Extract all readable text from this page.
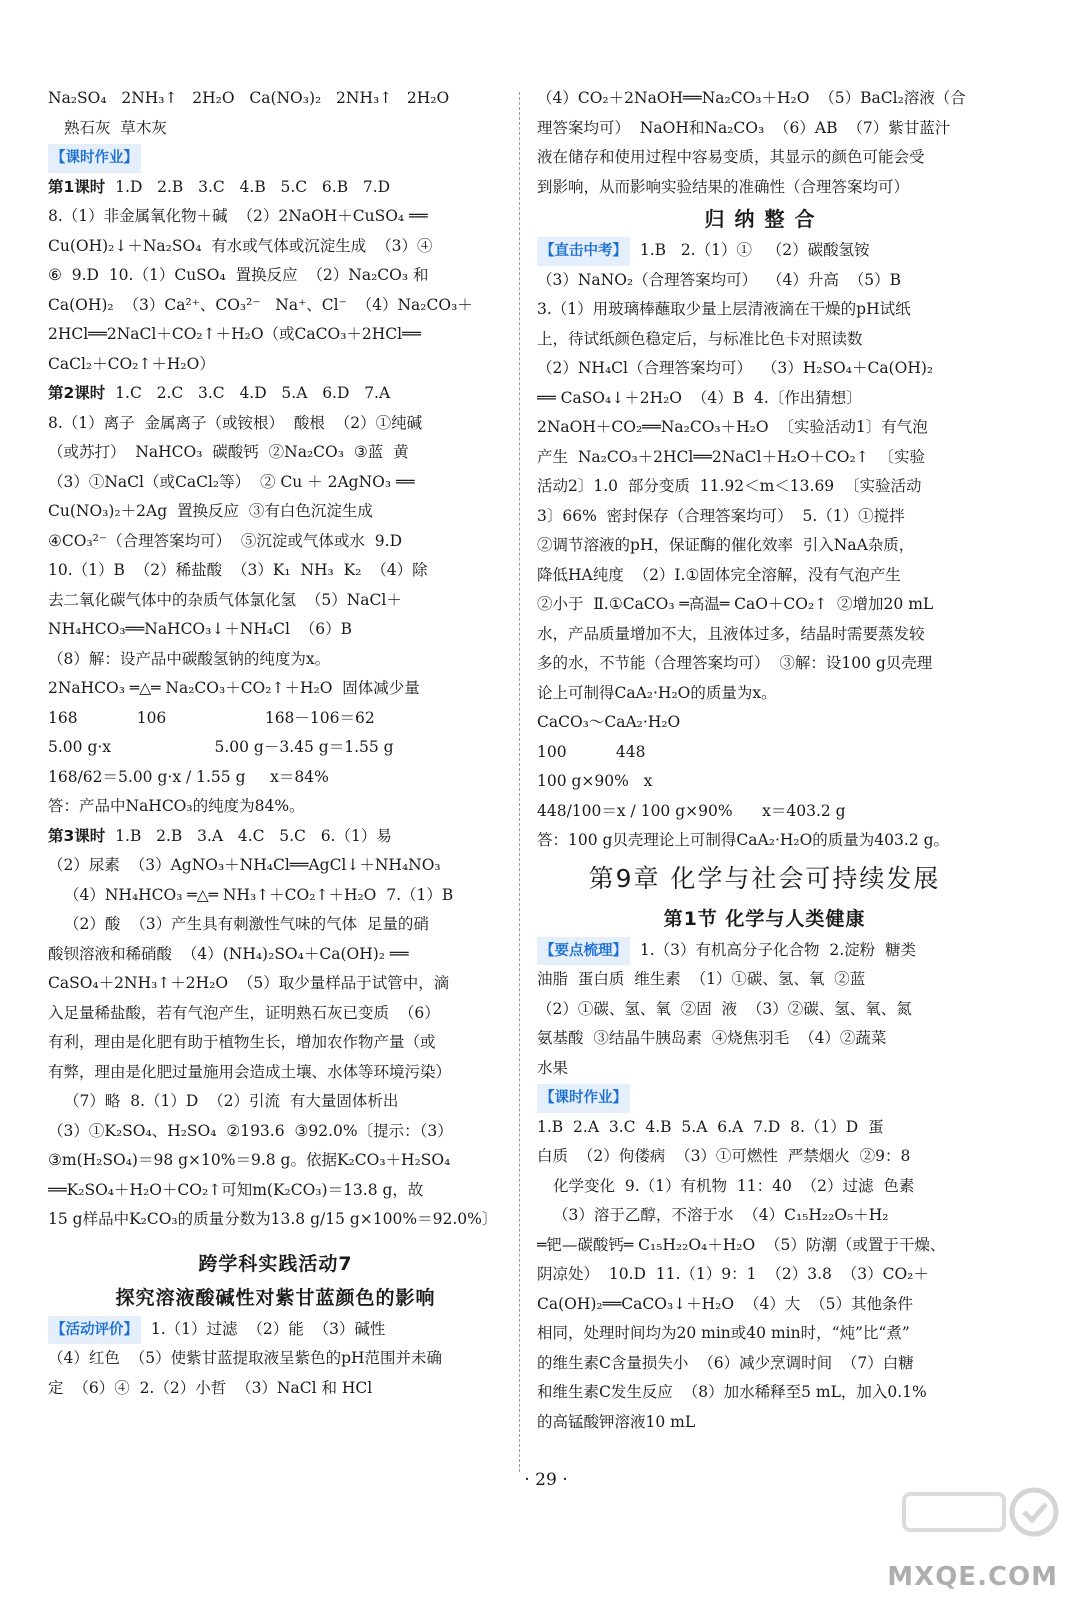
Na₂SO₄   2NH₃↑   2H₂O   Ca(NO₃)₂   2NH₃↑   2H₂O
熟石灰  草木灰
【课时作业】
第1课时  1.D   2.B   3.C   4.B   5.C   6.B   7.D
8.（1）非金属氧化物＋碱  （2）2NaOH＋CuSO₄ ══
Cu(OH)₂↓＋Na₂SO₄  有水或气体或沉淀生成  （3）④
⑥  9.D  10.（1）CuSO₄  置换反应  （2）Na₂CO₃ 和
Ca(OH)₂  （3）Ca²⁺、CO₃²⁻   Na⁺、Cl⁻  （4）Na₂CO₃＋
2HCl══2NaCl＋CO₂↑＋H₂O（或CaCO₃＋2HCl══
CaCl₂＋CO₂↑＋H₂O）
第2课时  1.C   2.C   3.C   4.D   5.A   6.D   7.A
8.（1）离子  金属离子（或铵根）  酸根  （2）①纯碱
（或苏打）  NaHCO₃  碳酸钙  ②Na₂CO₃  ③蓝  黄
（3）①NaCl（或CaCl₂等）  ② Cu ＋ 2AgNO₃ ══
Cu(NO₃)₂＋2Ag  置换反应  ③有白色沉淀生成
④CO₃²⁻（合理答案均可）  ⑤沉淀或气体或水  9.D
10.（1）B  （2）稀盐酸  （3）K₁  NH₃  K₂  （4）除
去二氧化碳气体中的杂质气体氯化氢  （5）NaCl＋
NH₄HCO₃══NaHCO₃↓＋NH₄Cl  （6）B
（8）解：设产品中碳酸氢钠的纯度为x。
2NaHCO₃ ═△═ Na₂CO₃＋CO₂↑＋H₂O  固体减少量
168            106                    168－106＝62
5.00 g·x                     5.00 g－3.45 g＝1.55 g
168/62＝5.00 g·x / 1.55 g     x＝84%
答：产品中NaHCO₃的纯度为84%。
第3课时  1.B   2.B   3.A   4.C   5.C   6.（1）易
（2）尿素  （3）AgNO₃＋NH₄Cl══AgCl↓＋NH₄NO₃
（4）NH₄HCO₃ ═△═ NH₃↑＋CO₂↑＋H₂O  7.（1）B
（2）酸  （3）产生具有刺激性气味的气体  足量的硝
酸钡溶液和稀硝酸  （4）(NH₄)₂SO₄＋Ca(OH)₂ ══
CaSO₄＋2NH₃↑＋2H₂O  （5）取少量样品于试管中，滴
入足量稀盐酸，若有气泡产生，证明熟石灰已变质  （6）
有利，理由是化肥有助于植物生长，增加农作物产量（或
有弊，理由是化肥过量施用会造成土壤、水体等环境污染）
（7）略  8.（1）D  （2）引流  有大量固体析出
（3）①K₂SO₄、H₂SO₄  ②193.6  ③92.0%〔提示：（3）
③m(H₂SO₄)＝98 g×10%＝9.8 g。依据K₂CO₃＋H₂SO₄
══K₂SO₄＋H₂O＋CO₂↑可知m(K₂CO₃)＝13.8 g，故
15 g样品中K₂CO₃的质量分数为13.8 g/15 g×100%＝92.0%〕
跨学科实践活动7
探究溶液酸碱性对紫甘蓝颜色的影响
【活动评价】  1.（1）过滤  （2）能  （3）碱性
（4）红色  （5）使紫甘蓝提取液呈紫色的pH范围并未确
定  （6）④  2.（2）小哲  （3）NaCl 和 HCl
（4）CO₂＋2NaOH══Na₂CO₃＋H₂O  （5）BaCl₂溶液（合
理答案均可）  NaOH和Na₂CO₃  （6）AB  （7）紫甘蓝汁
液在储存和使用过程中容易变质，其显示的颜色可能会受
到影响，从而影响实验结果的准确性（合理答案均可）
归纳整合
【直击中考】  1.B   2.（1）①   （2）碳酸氢铵
（3）NaNO₂（合理答案均可）  （4）升高  （5）B
3.（1）用玻璃棒蘸取少量上层清液滴在干燥的pH试纸
上，待试纸颜色稳定后，与标准比色卡对照读数
（2）NH₄Cl（合理答案均可）  （3）H₂SO₄＋Ca(OH)₂
══ CaSO₄↓＋2H₂O  （4）B  4.〔作出猜想〕
2NaOH＋CO₂══Na₂CO₃＋H₂O  〔实验活动1〕有气泡
产生  Na₂CO₃＋2HCl══2NaCl＋H₂O＋CO₂↑  〔实验
活动2〕1.0  部分变质  11.92＜m＜13.69  〔实验活动
3〕66%  密封保存（合理答案均可）  5.（1）①搅拌
②调节溶液的pH，保证酶的催化效率  引入NaA杂质，
降低HA纯度  （2）Ⅰ.①固体完全溶解，没有气泡产生
②小于  Ⅱ.①CaCO₃ ═高温═ CaO＋CO₂↑  ②增加20 mL
水，产品质量增加不大，且液体过多，结晶时需要蒸发较
多的水，不节能（合理答案均可）  ③解：设100 g贝壳理
论上可制得CaA₂·H₂O的质量为x。
CaCO₃～CaA₂·H₂O
100          448
100 g×90%   x
448/100＝x / 100 g×90%      x＝403.2 g
答：100 g贝壳理论上可制得CaA₂·H₂O的质量为403.2 g。
第9章 化学与社会可持续发展
第1节 化学与人类健康
【要点梳理】  1.（3）有机高分子化合物  2.淀粉  糖类
油脂  蛋白质  维生素  （1）①碳、氢、氧  ②蓝
（2）①碳、氢、氧  ②固  液  （3）②碳、氢、氧、氮
氨基酸  ③结晶牛胰岛素  ④烧焦羽毛  （4）②蔬菜
水果
【课时作业】
1.B  2.A  3.C  4.B  5.A  6.A  7.D  8.（1）D  蛋
白质  （2）佝偻病  （3）①可燃性  严禁烟火  ②9：8
化学变化  9.（1）有机物  11：40  （2）过滤  色素
（3）溶于乙醇，不溶于水  （4）C₁₅H₂₂O₅＋H₂
═钯—碳酸钙═ C₁₅H₂₂O₄＋H₂O  （5）防潮（或置于干燥、
阴凉处）  10.D  11.（1）9：1  （2）3.8  （3）CO₂＋
Ca(OH)₂══CaCO₃↓＋H₂O  （4）大  （5）其他条件
相同，处理时间均为20 min或40 min时，“炖”比“煮”
的维生素C含量损失小  （6）减少烹调时间  （7）白糖
和维生素C发生反应  （8）加水稀释至5 mL，加入0.1%
的高锰酸钾溶液10 mL
· 29 ·
MXQE.COM
